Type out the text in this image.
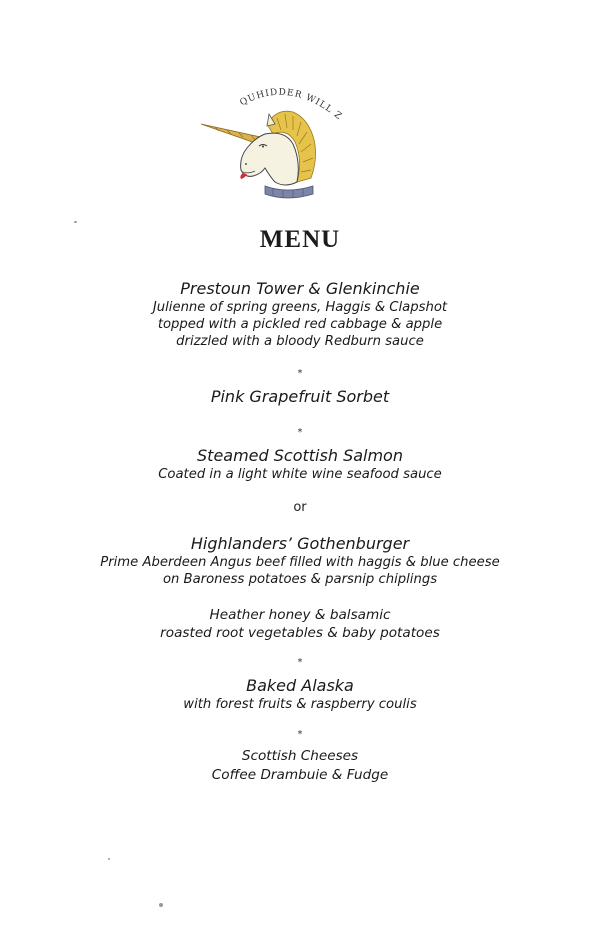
QUHIDDER WILL Z
MENU
Prestoun Tower & Glenkinchie
Julienne of spring greens, Haggis & Clapshot
topped with a pickled red cabbage & apple
drizzled with a bloody Redburn sauce
*
Pink Grapefruit Sorbet
*
Steamed Scottish Salmon
Coated in a light white wine seafood sauce
or
Highlanders’ Gothenburger
Prime Aberdeen Angus beef filled with haggis & blue cheese
on Baroness potatoes & parsnip chiplings
Heather honey & balsamic
roasted root vegetables & baby potatoes
*
Baked Alaska
with forest fruits & raspberry coulis
*
Scottish Cheeses
Coffee Drambuie & Fudge
